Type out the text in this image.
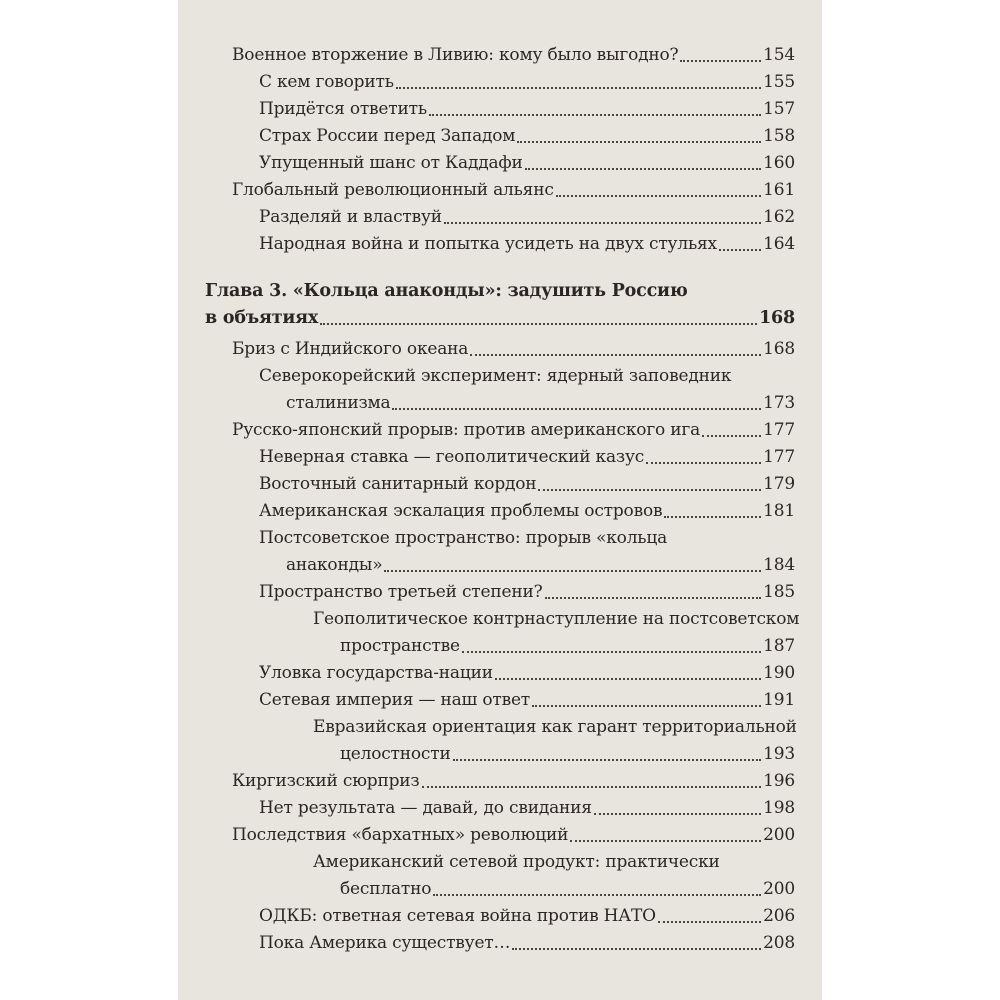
Военное вторжение в Ливию: кому было выгодно?	154
С кем говорить	155
Придётся ответить	157
Страх России перед Западом	158
Упущенный шанс от Каддафи	160
Глобальный революционный альянс	161
Разделяй и властвуй	162
Народная война и попытка усидеть на двух стульях	164
Глава 3. «Кольца анаконды»: задушить Россию
в объятиях	168
Бриз с Индийского океана	168
Северокорейский эксперимент: ядерный заповедник
сталинизма	173
Русско-японский прорыв: против американского ига	177
Неверная ставка — геополитический казус	177
Восточный санитарный кордон	179
Американская эскалация проблемы островов	181
Постсоветское пространство: прорыв «кольца
анаконды»	184
Пространство третьей степени?	185
Геополитическое контрнаступление на постсоветском
пространстве	187
Уловка государства-нации	190
Сетевая империя — наш ответ	191
Евразийская ориентация как гарант территориальной
целостности	193
Киргизский сюрприз	196
Нет результата — давай, до свидания	198
Последствия «бархатных» революций	200
Американский сетевой продукт: практически
бесплатно	200
ОДКБ: ответная сетевая война против НАТО	206
Пока Америка существует…	208
